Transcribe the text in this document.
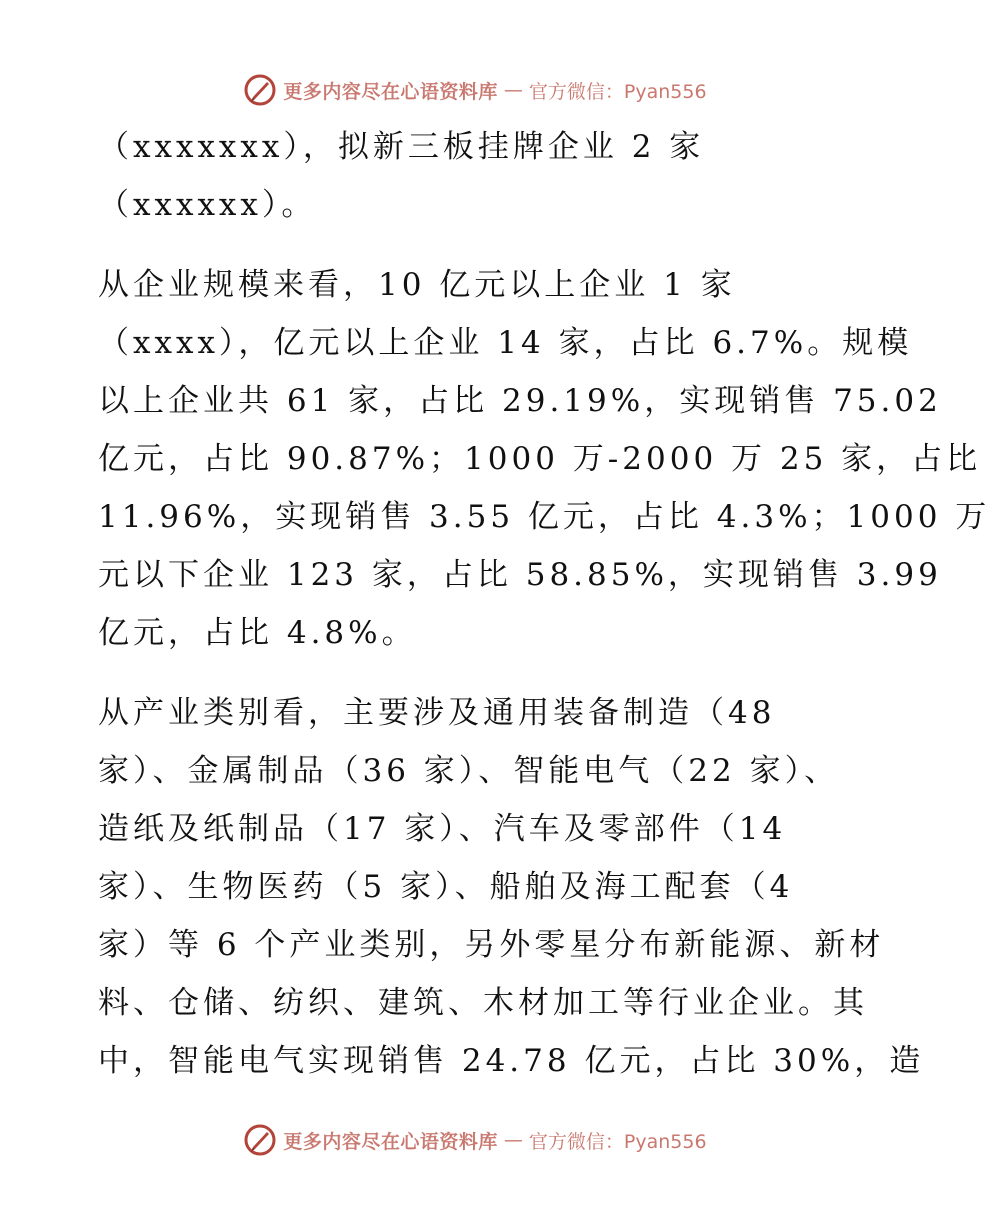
更多内容尽在心语资料库 — 官方微信：Pyan556
（xxxxxxx），拟新三板挂牌企业 2 家
（xxxxxx）。
从企业规模来看，10 亿元以上企业 1 家
（xxxx），亿元以上企业 14 家，占比 6.7%。规模
以上企业共 61 家，占比 29.19%，实现销售 75.02
亿元，占比 90.87%；1000 万-2000 万 25 家，占比
11.96%，实现销售 3.55 亿元，占比 4.3%；1000 万
元以下企业 123 家，占比 58.85%，实现销售 3.99
亿元，占比 4.8%。
从产业类别看，主要涉及通用装备制造（48
家）、金属制品（36 家）、智能电气（22 家）、
造纸及纸制品（17 家）、汽车及零部件（14
家）、生物医药（5 家）、船舶及海工配套（4
家）等 6 个产业类别，另外零星分布新能源、新材
料、仓储、纺织、建筑、木材加工等行业企业。其
中，智能电气实现销售 24.78 亿元，占比 30%，造
更多内容尽在心语资料库 — 官方微信：Pyan556
